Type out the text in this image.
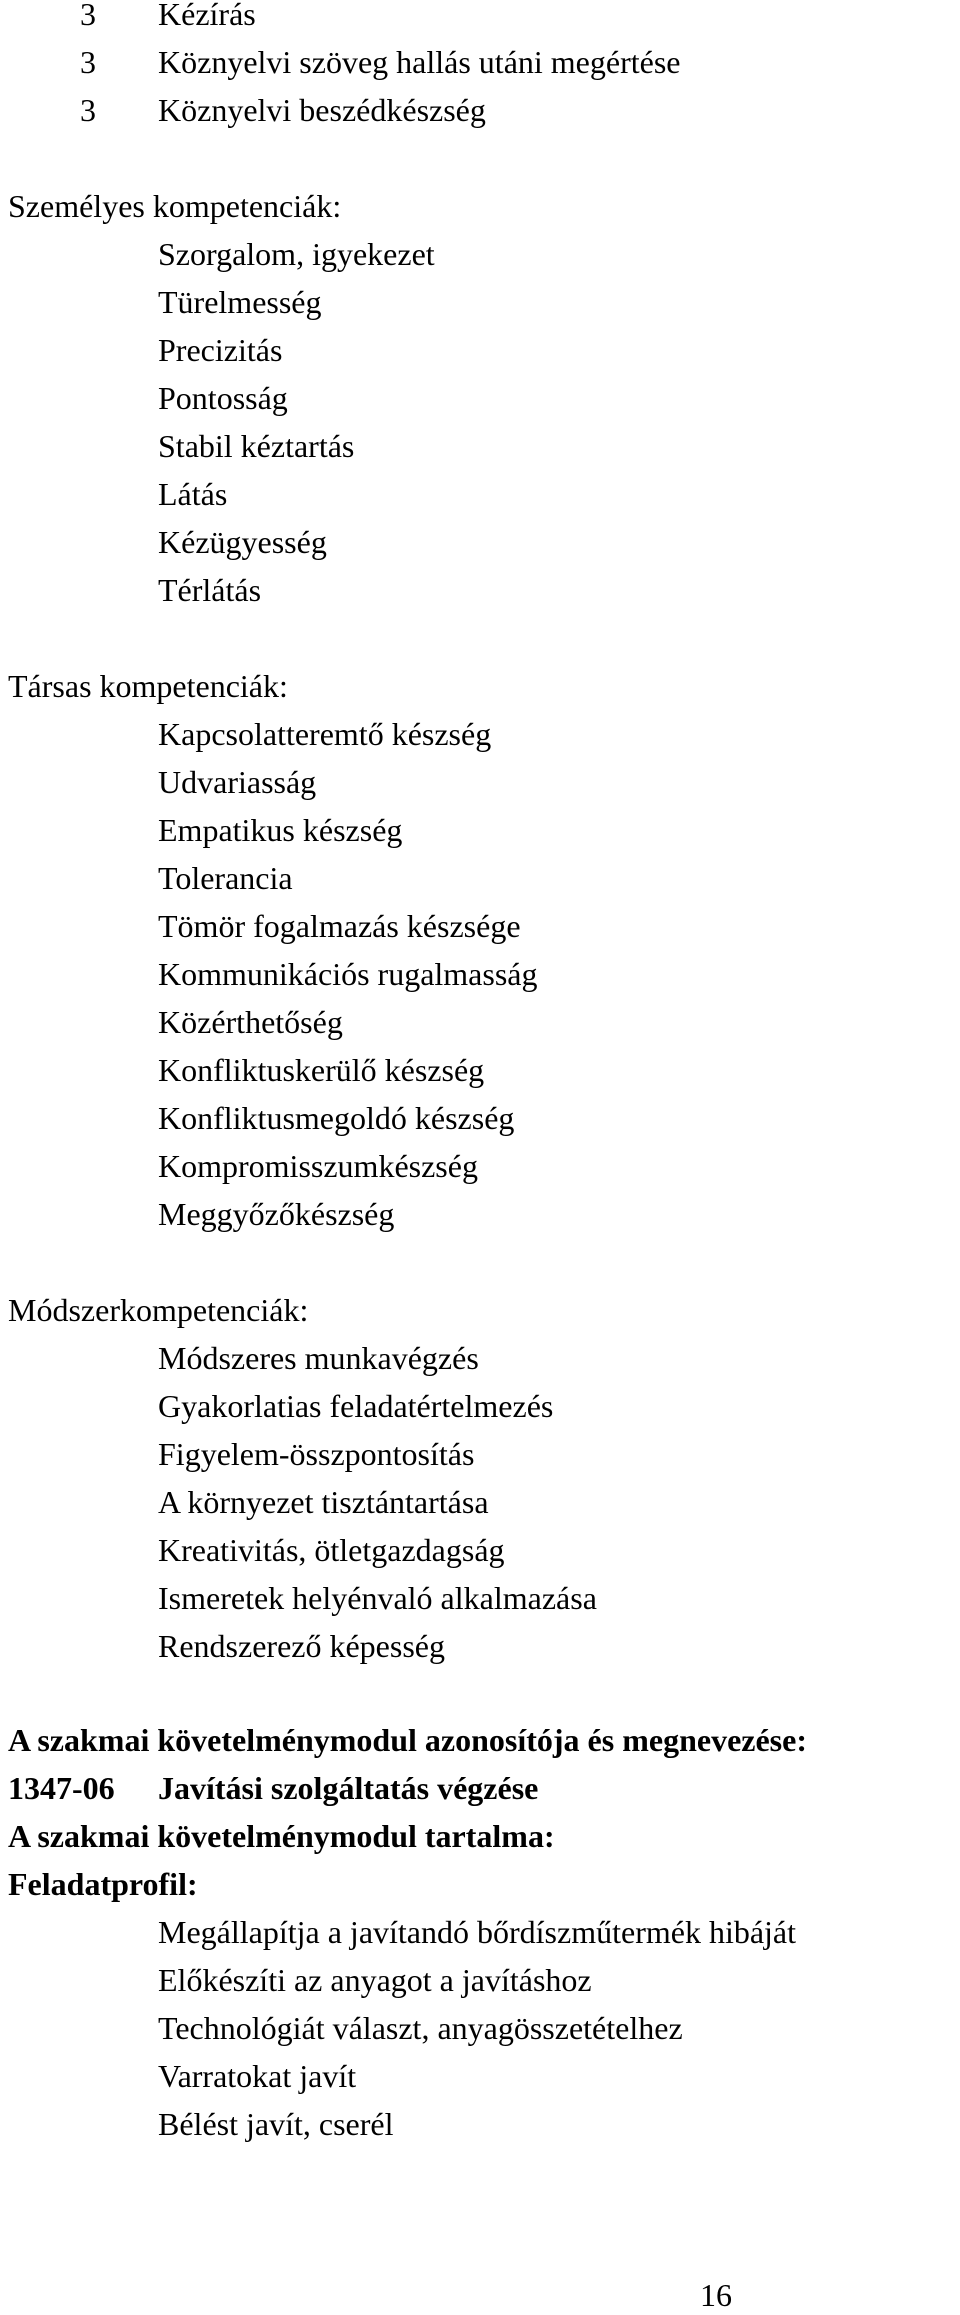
3 Kézírás
3 Köznyelvi szöveg hallás utáni megértése
3 Köznyelvi beszédkészség
Személyes kompetenciák:
Szorgalom, igyekezet
Türelmesség
Precizitás
Pontosság
Stabil kéztartás
Látás
Kézügyesség
Térlátás
Társas kompetenciák:
Kapcsolatteremtő készség
Udvariasság
Empatikus készség
Tolerancia
Tömör fogalmazás készsége
Kommunikációs rugalmasság
Közérthetőség
Konfliktuskerülő készség
Konfliktusmegoldó készség
Kompromisszumkészség
Meggyőzőkészség
Módszerkompetenciák:
Módszeres munkavégzés
Gyakorlatias feladatértelmezés
Figyelem-összpontosítás
A környezet tisztántartása
Kreativitás, ötletgazdagság
Ismeretek helyénvaló alkalmazása
Rendszerező képesség
A szakmai követelménymodul azonosítója és megnevezése:
1347-06 Javítási szolgáltatás végzése
A szakmai követelménymodul tartalma:
Feladatprofil:
Megállapítja a javítandó bőrdíszműtermék hibáját
Előkészíti az anyagot a javításhoz
Technológiát választ, anyagösszetételhez
Varratokat javít
Bélést javít, cserél
16
